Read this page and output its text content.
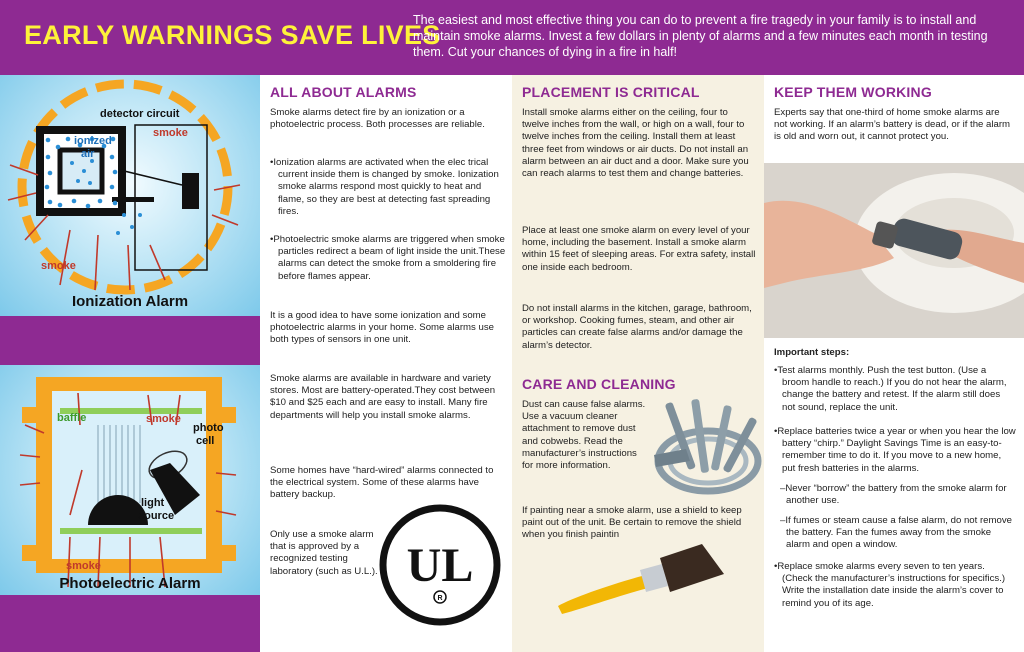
EARLY WARNINGS SAVE LIVES
The easiest and most effective thing you can do to prevent a fire tragedy in your family is to install and maintain smoke alarms. Invest a few dollars in plenty of alarms and a few minutes each month in testing them. Cut your chances of dying in a fire in half!
detector circuit
ionized
air
smoke
smoke
Ionization Alarm
baffle	smoke
photo
cell
light
source
smoke
Photoelectric Alarm
ALL ABOUT ALARMS
Smoke alarms detect fire by an ionization or a photoelectric process. Both processes are reliable.
•Ionization alarms are activated when the elec trical current inside them is changed by smoke. Ionization smoke alarms respond most quickly to heat and flame, so they are best at detecting fast spreading fires.
•Photoelectric smoke alarms are triggered when smoke particles redirect a beam of light inside the unit.These alarms can detect the smoke from a smoldering fire before flames appear.
It is a good idea to have some ionization and some photoelectric alarms in your home. Some alarms use both types of sensors in one unit.
Smoke alarms are available in hardware and variety stores. Most are battery-operated.They cost between $10 and $25 each and are easy to install. Many fire departments will help you install smoke alarms.
Some homes have “hard-wired” alarms connected to the electrical system. Some of these alarms have battery backup.
Only use a smoke alarm that is approved by a recognized testing laboratory (such as U.L.). UL
R
PLACEMENT IS CRITICAL
Install smoke alarms either on the ceiling, four to twelve inches from the wall, or high on a wall, four to twelve inches from the ceiling. Install them at least three feet from windows or air ducts. Do not install an alarm between an air duct and a door. Make sure you can reach alarms to test them and change batteries.
Place at least one smoke alarm on every level of your home, including the basement. Install a smoke alarm within 15 feet of sleeping areas. For extra safety, install one inside each bedroom.
Do not install alarms in the kitchen, garage, bathroom, or workshop. Cooking fumes, steam, and other air particles can create false alarms and/or damage the alarm’s detector.
CARE AND CLEANING
Dust can cause false alarms. Use a vacuum cleaner attachment to remove dust and cobwebs. Read the manufacturer’s instructions for more information.
If painting near a smoke alarm, use a shield to keep paint out of the unit. Be certain to remove the shield when you finish paintin
KEEP THEM WORKING
Experts say that one-third of home smoke alarms are not working. If an alarm’s battery is dead, or if the alarm is old and worn out, it cannot protect you.
Important steps:
•Test alarms monthly. Push the test button. (Use a broom handle to reach.) If you do not hear the alarm, change the battery and retest. If the alarm still does not sound, replace the unit.
•Replace batteries twice a year or when you hear the low battery “chirp.” Daylight Savings Time is an easy-to-remember time to do it. If you move to a new home, put fresh batteries in the alarms.
–Never “borrow” the battery from the smoke alarm for another use.
–If fumes or steam cause a false alarm, do not remove the battery. Fan the fumes away from the smoke alarm and open a window.
•Replace smoke alarms every seven to ten years. (Check the manufacturer’s instructions for specifics.) Write the installation date inside the alarm’s cover to remind you of its age.
